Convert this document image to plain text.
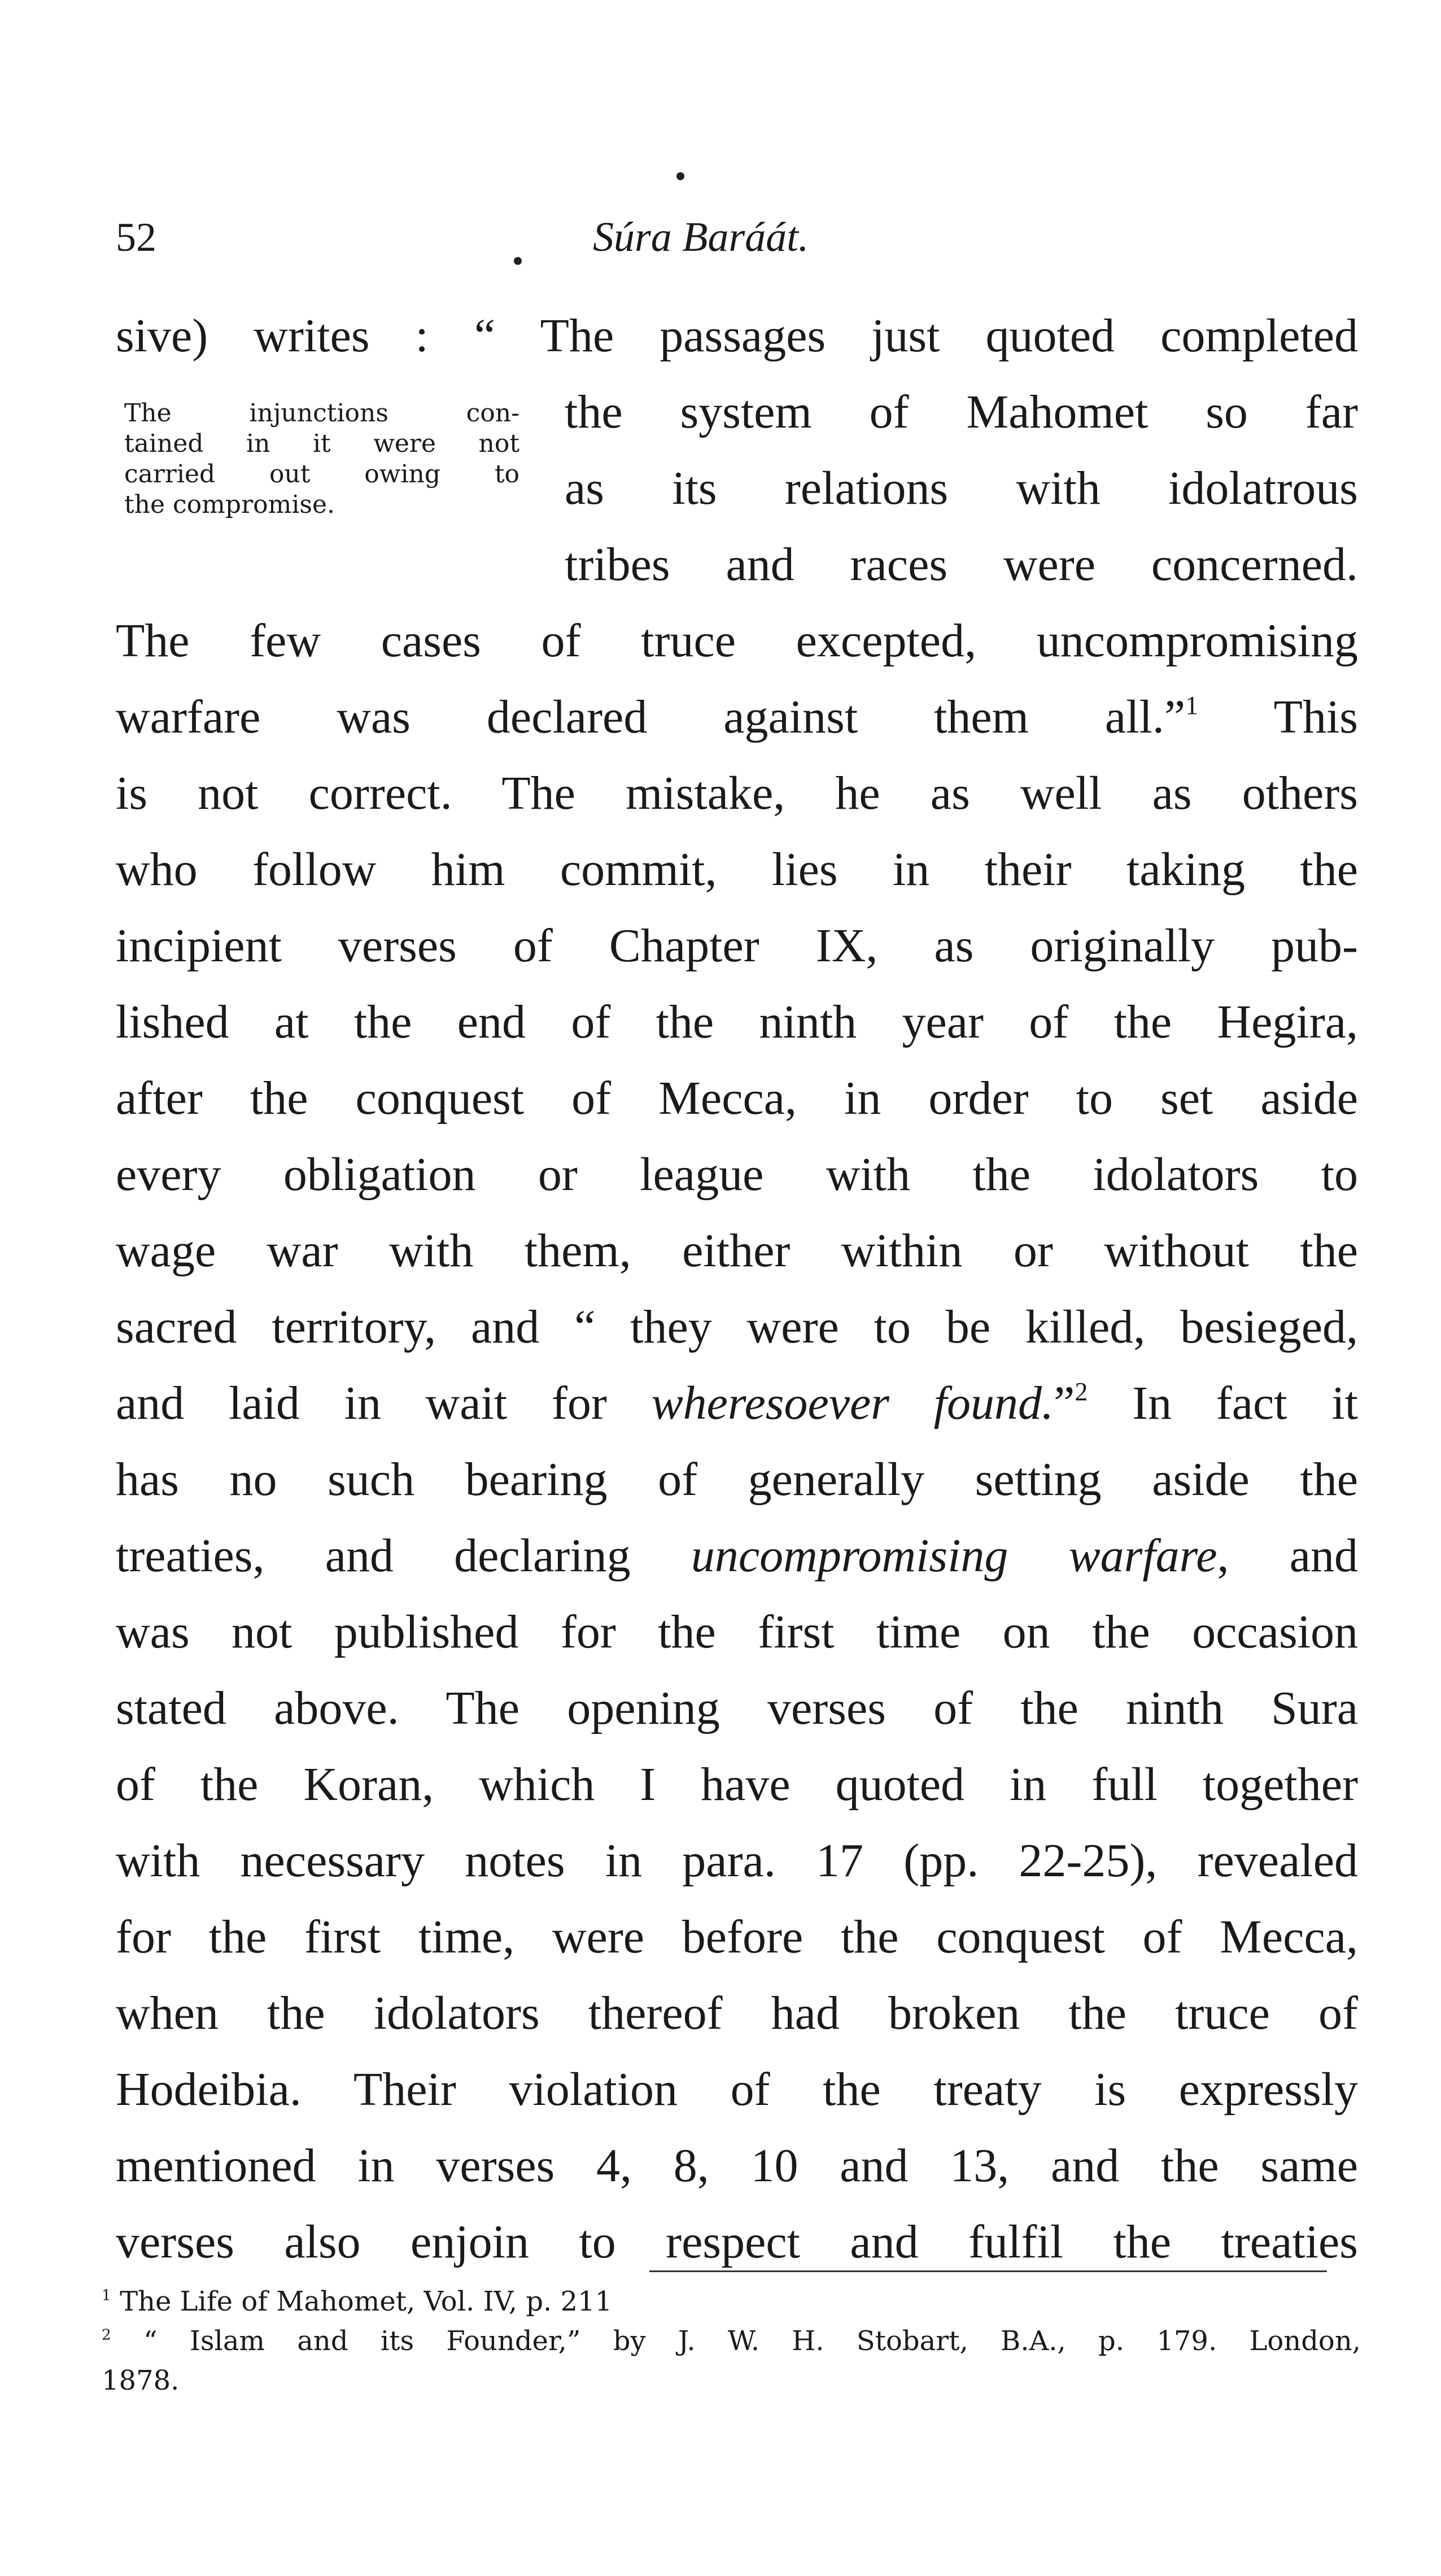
52	Súra Baráát.
The injunctions con-
tained in it were not
carried out owing to
the compromise.
sive) writes : “ The passages just quoted completed
the system of Mahomet so far
as its relations with idolatrous
tribes and races were concerned.
The few cases of truce excepted, uncompromising
warfare was declared against them all.”$^1$ This
is not correct. The mistake, he as well as others
who follow him commit, lies in their taking the
incipient verses of Chapter IX, as originally pub-
lished at the end of the ninth year of the Hegira,
after the conquest of Mecca, in order to set aside
every obligation or league with the idolators to
wage war with them, either within or without the
sacred territory, and “ they were to be killed, besieged,
and laid in wait for wheresoever found.”$^2$ In fact it
has no such bearing of generally setting aside the
treaties, and declaring uncompromising warfare, and
was not published for the first time on the occasion
stated above. The opening verses of the ninth Sura
of the Koran, which I have quoted in full together
with necessary notes in para. 17 (pp. 22-25), revealed
for the first time, were before the conquest of Mecca,
when the idolators thereof had broken the truce of
Hodeibia. Their violation of the treaty is expressly
mentioned in verses 4, 8, 10 and 13, and the same
verses also enjoin to respect and fulfil the treaties
$^1$ The Life of Mahomet, Vol. IV, p. 211
$^2$ “ Islam and its Founder,” by J. W. H. Stobart, B.A., p. 179. London,
1878.
